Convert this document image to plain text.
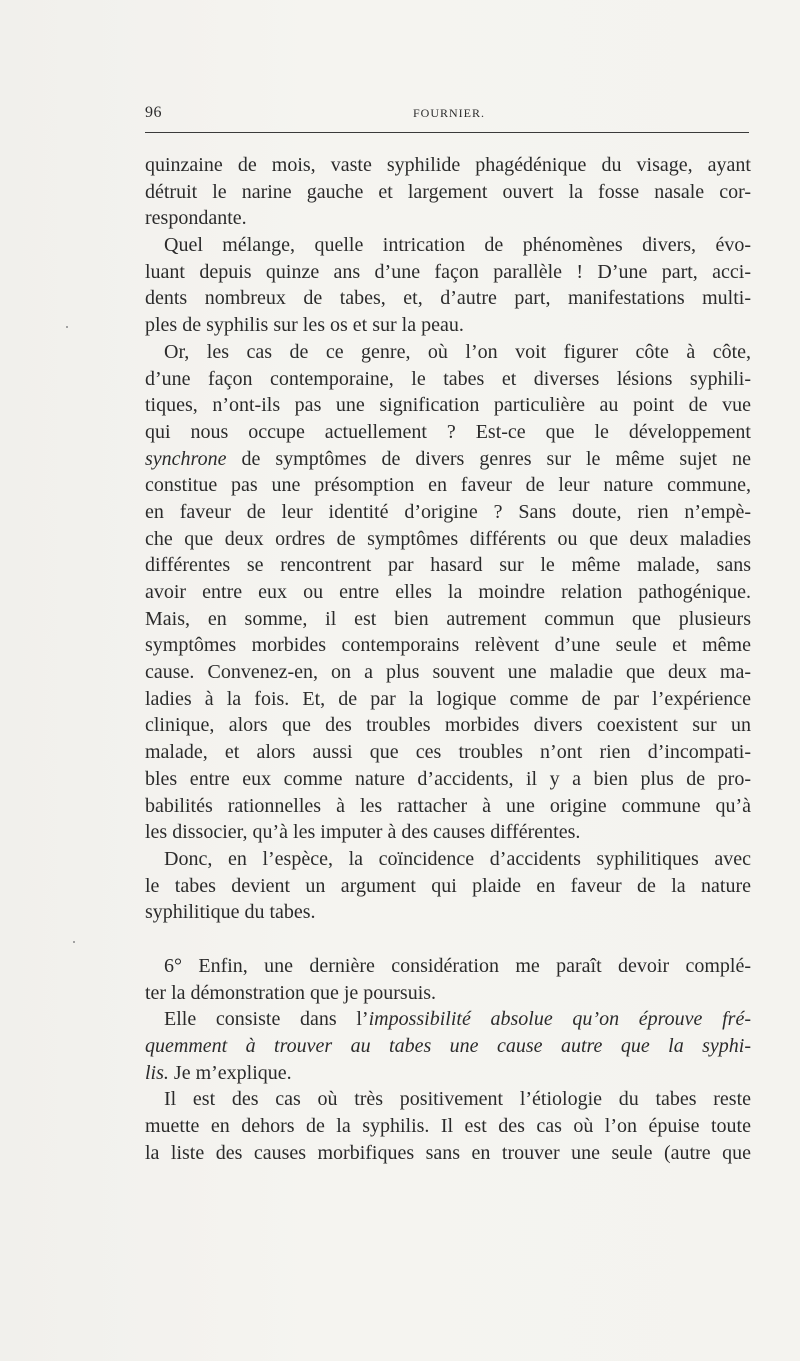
96	FOURNIER.
quinzaine de mois, vaste syphilide phagédénique du visage, ayant
détruit le narine gauche et largement ouvert la fosse nasale cor-
respondante.
Quel mélange, quelle intrication de phénomènes divers, évo-
luant depuis quinze ans d’une façon parallèle ! D’une part, acci-
dents nombreux de tabes, et, d’autre part, manifestations multi-
ples de syphilis sur les os et sur la peau.
Or, les cas de ce genre, où l’on voit figurer côte à côte,
d’une façon contemporaine, le tabes et diverses lésions syphili-
tiques, n’ont-ils pas une signification particulière au point de vue
qui nous occupe actuellement ? Est-ce que le développement
synchrone de symptômes de divers genres sur le même sujet ne
constitue pas une présomption en faveur de leur nature commune,
en faveur de leur identité d’origine ? Sans doute, rien n’empè-
che que deux ordres de symptômes différents ou que deux maladies
différentes se rencontrent par hasard sur le même malade, sans
avoir entre eux ou entre elles la moindre relation pathogénique.
Mais, en somme, il est bien autrement commun que plusieurs
symptômes morbides contemporains relèvent d’une seule et même
cause. Convenez-en, on a plus souvent une maladie que deux ma-
ladies à la fois. Et, de par la logique comme de par l’expérience
clinique, alors que des troubles morbides divers coexistent sur un
malade, et alors aussi que ces troubles n’ont rien d’incompati-
bles entre eux comme nature d’accidents, il y a bien plus de pro-
babilités rationnelles à les rattacher à une origine commune qu’à
les dissocier, qu’à les imputer à des causes différentes.
Donc, en l’espèce, la coïncidence d’accidents syphilitiques avec
le tabes devient un argument qui plaide en faveur de la nature
syphilitique du tabes.
6° Enfin, une dernière considération me paraît devoir complé-
ter la démonstration que je poursuis.
Elle consiste dans l’impossibilité absolue qu’on éprouve fré-
quemment à trouver au tabes une cause autre que la syphi-
lis. Je m’explique.
Il est des cas où très positivement l’étiologie du tabes reste
muette en dehors de la syphilis. Il est des cas où l’on épuise toute
la liste des causes morbifiques sans en trouver une seule (autre que
